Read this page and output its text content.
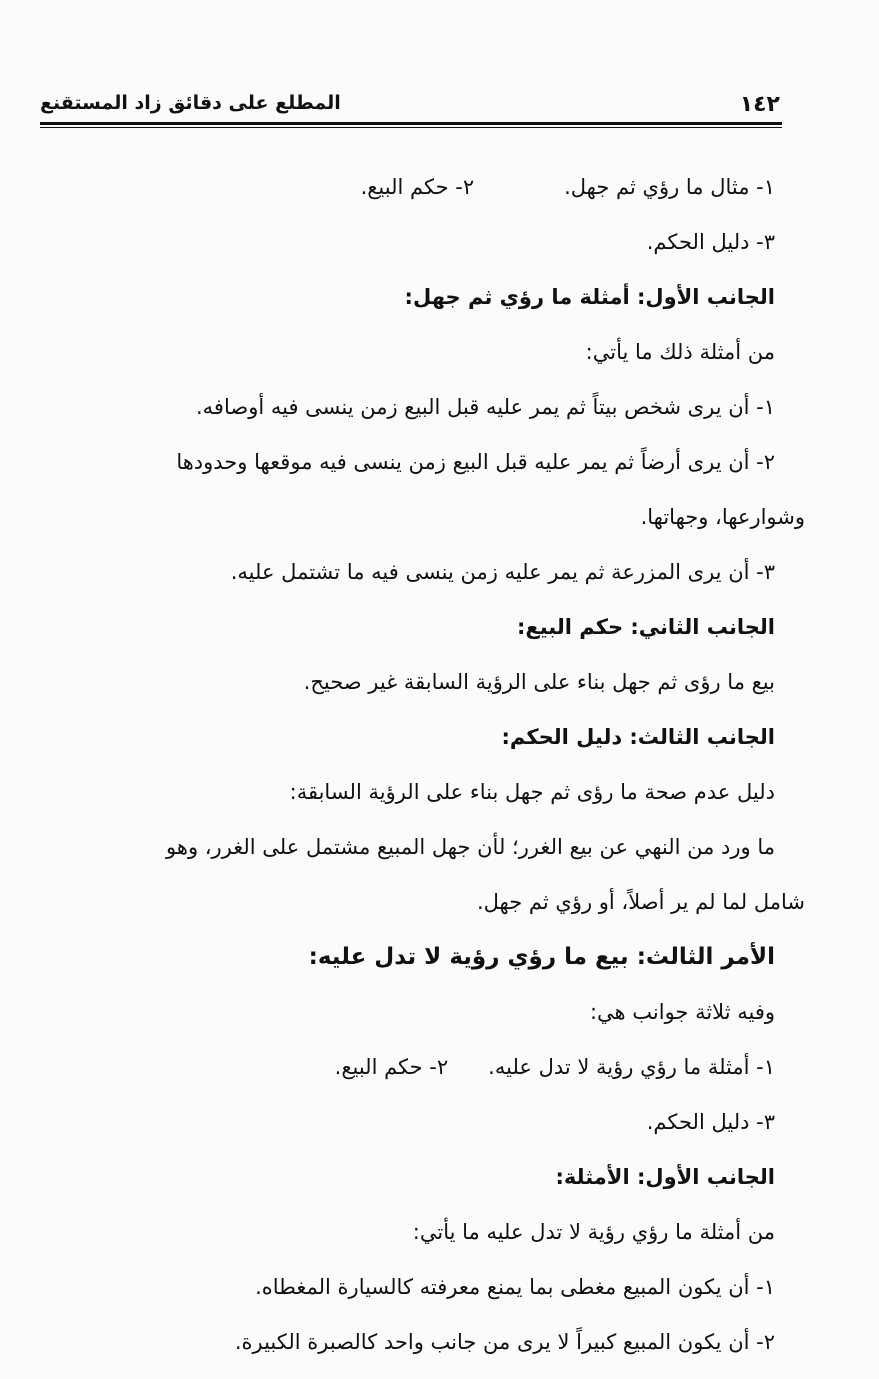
١٤٢
المطلع على دقائق زاد المستقنع

١- مثال ما رؤي ثم جهل.٢- حكم البيع.

٣- دليل الحكم.

الجانب الأول: أمثلة ما رؤي ثم جهل:

من أمثلة ذلك ما يأتي:

١- أن يرى شخص بيتاً ثم يمر عليه قبل البيع زمن ينسى فيه أوصافه.

٢- أن يرى أرضاً ثم يمر عليه قبل البيع زمن ينسى فيه موقعها وحدودها

وشوارعها، وجهاتها.

٣- أن يرى المزرعة ثم يمر عليه زمن ينسى فيه ما تشتمل عليه.

الجانب الثاني: حكم البيع:

بيع ما رؤى ثم جهل بناء على الرؤية السابقة غير صحيح.

الجانب الثالث: دليل الحكم:

دليل عدم صحة ما رؤى ثم جهل بناء على الرؤية السابقة:

ما ورد من النهي عن بيع الغرر؛ لأن جهل المبيع مشتمل على الغرر، وهو

شامل لما لم ير أصلاً، أو رؤي ثم جهل.

الأمر الثالث: بيع ما رؤي رؤية لا تدل عليه:

وفيه ثلاثة جوانب هي:

١- أمثلة ما رؤي رؤية لا تدل عليه.٢- حكم البيع.

٣- دليل الحكم.

الجانب الأول: الأمثلة:

من أمثلة ما رؤي رؤية لا تدل عليه ما يأتي:

١- أن يكون المبيع مغطى بما يمنع معرفته كالسيارة المغطاه.

٢- أن يكون المبيع كبيراً لا يرى من جانب واحد كالصبرة الكبيرة.
